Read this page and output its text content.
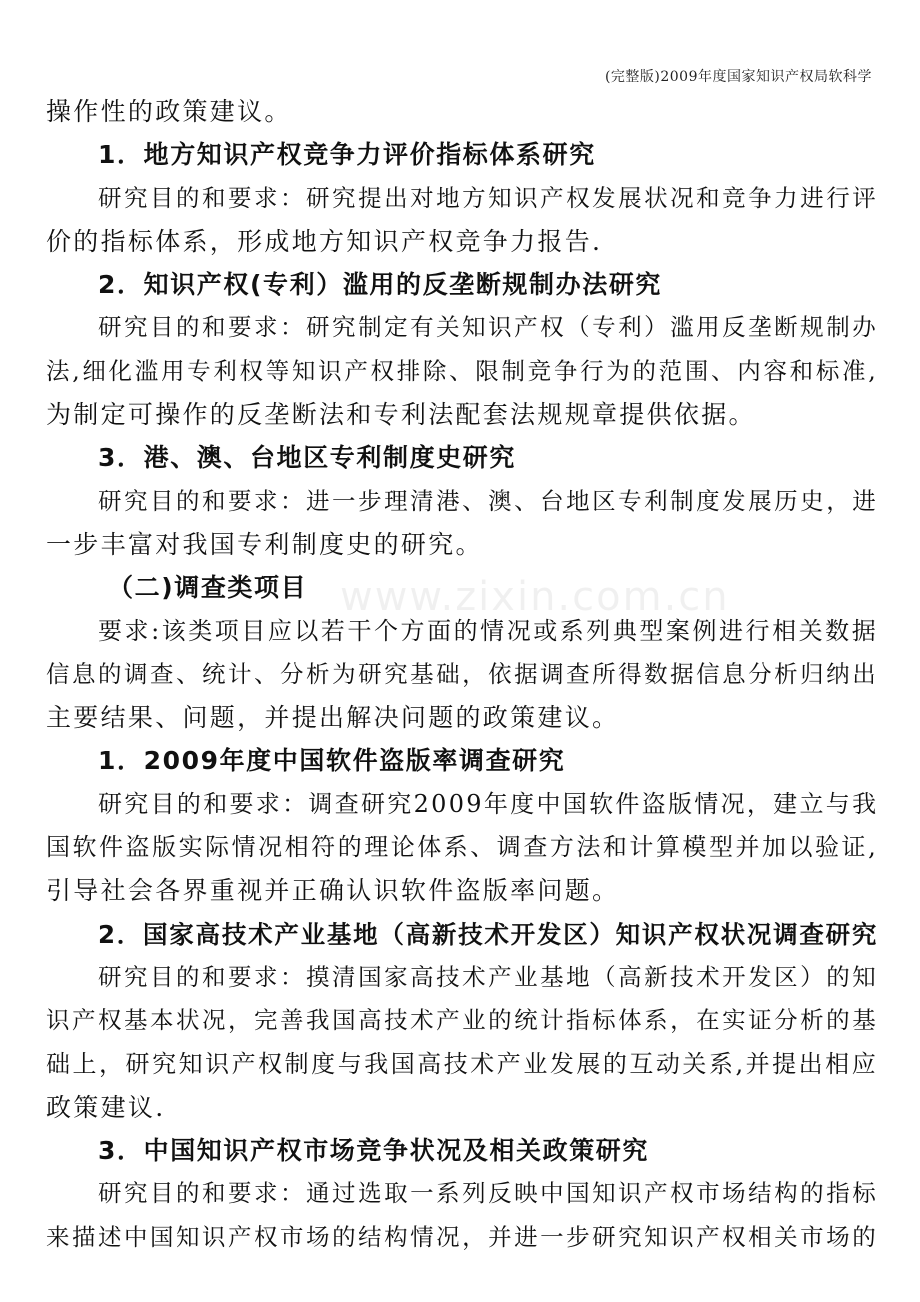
(完整版)2009年度国家知识产权局软科学
www.zixin.com.cn
操作性的政策建议。
1．地方知识产权竞争力评价指标体系研究
研究目的和要求：研究提出对地方知识产权发展状况和竞争力进行评
价的指标体系，形成地方知识产权竞争力报告.
2．知识产权(专利）滥用的反垄断规制办法研究
研究目的和要求：研究制定有关知识产权（专利）滥用反垄断规制办
法,细化滥用专利权等知识产权排除、限制竞争行为的范围、内容和标准,
为制定可操作的反垄断法和专利法配套法规规章提供依据。
3．港、澳、台地区专利制度史研究
研究目的和要求：进一步理清港、澳、台地区专利制度发展历史，进
一步丰富对我国专利制度史的研究。
（二)调查类项目
要求:该类项目应以若干个方面的情况或系列典型案例进行相关数据
信息的调查、统计、分析为研究基础，依据调查所得数据信息分析归纳出
主要结果、问题，并提出解决问题的政策建议。
1．2009年度中国软件盗版率调查研究
研究目的和要求：调查研究2009年度中国软件盗版情况，建立与我
国软件盗版实际情况相符的理论体系、调查方法和计算模型并加以验证,
引导社会各界重视并正确认识软件盗版率问题。
2．国家高技术产业基地（高新技术开发区）知识产权状况调查研究
研究目的和要求：摸清国家高技术产业基地（高新技术开发区）的知
识产权基本状况，完善我国高技术产业的统计指标体系，在实证分析的基
础上，研究知识产权制度与我国高技术产业发展的互动关系,并提出相应
政策建议.
3．中国知识产权市场竞争状况及相关政策研究
研究目的和要求：通过选取一系列反映中国知识产权市场结构的指标
来描述中国知识产权市场的结构情况，并进一步研究知识产权相关市场的
